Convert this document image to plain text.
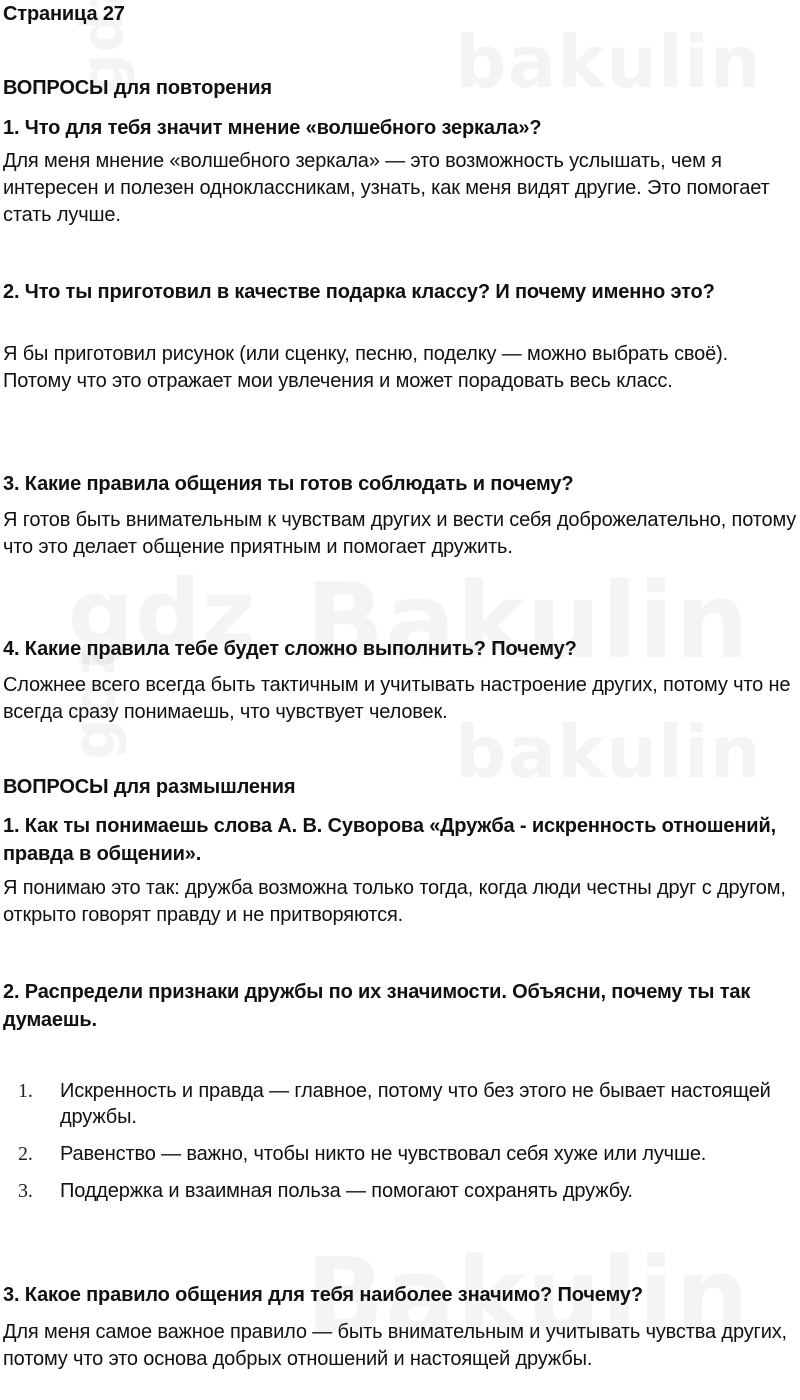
Страница 27
ВОПРОСЫ для повторения
1. Что для тебя значит мнение «волшебного зеркала»?

Для меня мнение «волшебного зеркала» — это возможность услышать, чем я интересен и полезен одноклассникам, узнать, как меня видят другие. Это помогает стать лучше.

2. Что ты приготовил в качестве подарка классу? И почему именно это?

Я бы приготовил рисунок (или сценку, песню, поделку — можно выбрать своё). Потому что это отражает мои увлечения и может порадовать весь класс.

3. Какие правила общения ты готов соблюдать и почему?

Я готов быть внимательным к чувствам других и вести себя доброжелательно, потому что это делает общение приятным и помогает дружить.

4. Какие правила тебе будет сложно выполнить? Почему?

Сложнее всего всегда быть тактичным и учитывать настроение других, потому что не всегда сразу понимаешь, что чувствует человек.

ВОПРОСЫ для размышления
1. Как ты понимаешь слова А. В. Суворова «Дружба - искренность отношений, правда в общении».

Я понимаю это так: дружба возможна только тогда, когда люди честны друг с другом, открыто говорят правду и не притворяются.

2. Распредели признаки дружбы по их значимости. Объясни, почему ты так думаешь.
1. Искренность и правда — главное, потому что без этого не бывает настоящей дружбы.
2. Равенство — важно, чтобы никто не чувствовал себя хуже или лучше.
3. Поддержка и взаимная польза — помогают сохранять дружбу.
3. Какое правило общения для тебя наиболее значимо? Почему?

Для меня самое важное правило — быть внимательным и учитывать чувства других, потому что это основа добрых отношений и настоящей дружбы.
